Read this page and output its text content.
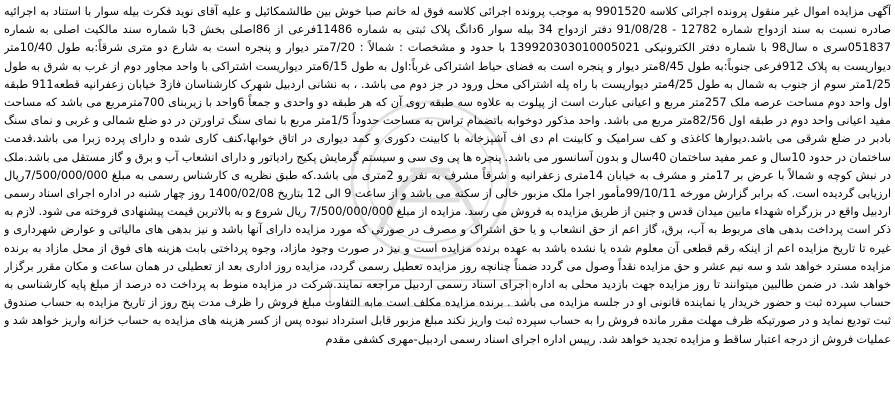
آگهی مزایده اموال غیر منقول پرونده اجرائی کلاسه 9901520 به موجب پرونده اجرائی کلاسه فوق له خانم صبا خوش بین طالشمکائیل و علیه آقای نوید فکرت بیله سوار با استناد به اجرائیه صادره نسبت به سند ازدواج شماره 12782 - 91/08/28 دفتر ازدواج 34 بیله سوار 6دانگ پلاک ثبتی به شماره 11486فرعی از 86اصلی بخش 3با شماره سند مالکیت اصلی به شماره 051837سری ه سال98 با شماره دفتر الکترونیکی 139920303010005021 با حدود و مشخصات : شمالاً : 7/20متر دیوار و پنجره است به شارع دو متری شرقاً:به طول 10/40متر دیواریست به پلاک 912فرعی جنوباً:به طول 8/45متر دیوار و پنجره است به فضای حیاط اشتراکی غرباً:اول به طول 6/15متر دیواریست اشتراکی با واحد مجاور دوم از غرب به شرق به طول 1/25متر سوم از جنوب به شمال به طول 4/25متر دیواریست با راه پله اشتراکی محل ورود در جز دوم می باشد. ، به نشانی اردبیل شهرک کارشناسان فاز3 خیابان زعفرانیه قطعه911 طبقه اول واحد دوم مساحت عرصه ملک 257متر مربع و اعیانی عبارت است از پیلوت به علاوه سه طبقه روی آن که هر طبقه دو واحدی و جمعاً 6واحد با زیربنای 700مترمربع می باشد که مساحت مفید اعیانی واحد دوم در طبقه اول 82/56متر مربع می باشد. واحد مذکور دوخوابه باتضمام تراس به مساحت حدوداً 1/5متر مربع با نمای سنگ تراورتن در دو ضلع شمالی و غربی و نمای سنگ بادبر در ضلع شرقی می باشد.دیوارها کاغذی و کف سرامیک و کابینت ام دی اف آشپزخانه با کابینت دکوری و کمد دیواری در اتاق خوابها،کنف کاری شده و دارای پرده زبرا می باشد.قدمت ساختمان در حدود 10سال و عمر مفید ساختمان 40سال و بدون آسانسور می باشد. پنجره ها پی وی سی و سیستم گرمایش پکیج رادیاتور و دارای انشعاب آب و برق و گاز مستقل می باشد.ملک در نبش کوچه و شمالاً با عرض بر 17متر و مشرف به خیابان 14متری زعفرانیه و شرقاً مشرف به نفر رو 2متری می باشد.که طبق نظریه ی کارشناس رسمی به مبلغ 7/500/000/000ریال ارزیابی گردیده است. که برابر گزارش مورخه 99/10/11مأمور اجرا ملک مزبور خالی از سکنه می باشد و از ساعت 9 الی 12 بتاریخ 1400/02/08 روز چهار شنبه در اداره اجرای اسناد رسمی اردبیل واقع در بزرگراه شهداء مابین میدان قدس و جنین از طریق مزایده به فروش می رسد. مزایده از مبلغ 7/500/000/000 ریال شروع و به بالاترین قیمت پیشنهادی فروخته می شود. لازم به ذکر است پرداخت بدهی های مربوط به آب، برق، گاز اعم از حق انشعاب و یا حق اشتراک و مصرف در صورتی که مورد مزایده دارای آنها باشد و نیز بدهی های مالیاتی و عوارض شهرداری و غیره تا تاریخ مزایده اعم از اینکه رقم قطعی آن معلوم شده یا نشده باشد به عهده برنده مزایده است و نیز در صورت وجود مازاد، وجوه پرداختی بابت هزینه های فوق از محل مازاد به برنده مزایده مسترد خواهد شد و سه نیم عشر و حق مزایده نقداً وصول می گردد ضمناً چنانچه روز مزایده تعطیل رسمی گردد، مزایده روز اداری بعد از تعطیلی در همان ساعت و مکان مقرر برگزار خواهد شد. در ضمن طالبین میتوانند تا روز مزایده جهت بازدید محلی به اداره اجرای اسناد رسمی اردبیل مراجعه نمایند.شرکت در مزایده منوط به پرداخت ده درصد از مبلغ پایه کارشناسی به حساب سپرده ثبت و حضور خریدار یا نماینده قانونی او در جلسه مزایده می باشد . برنده مزایده مکلف است مابه التفاوت مبلغ فروش را ظرف مدت پنج روز از تاریخ مزایده به حساب صندوق ثبت تودیع نماید و در صورتیکه ظرف مهلت مقرر مانده فروش را به حساب سپرده ثبت واریز نکند مبلغ مزبور قابل استرداد نبوده پس از کسر هزینه های مزایده به حساب خزانه واریز خواهد شد و عملیات فروش از درجه اعتبار ساقط و مزایده تجدید خواهد شد. رییس اداره اجرای اسناد رسمی اردبیل-مهری کشفی مقدم
